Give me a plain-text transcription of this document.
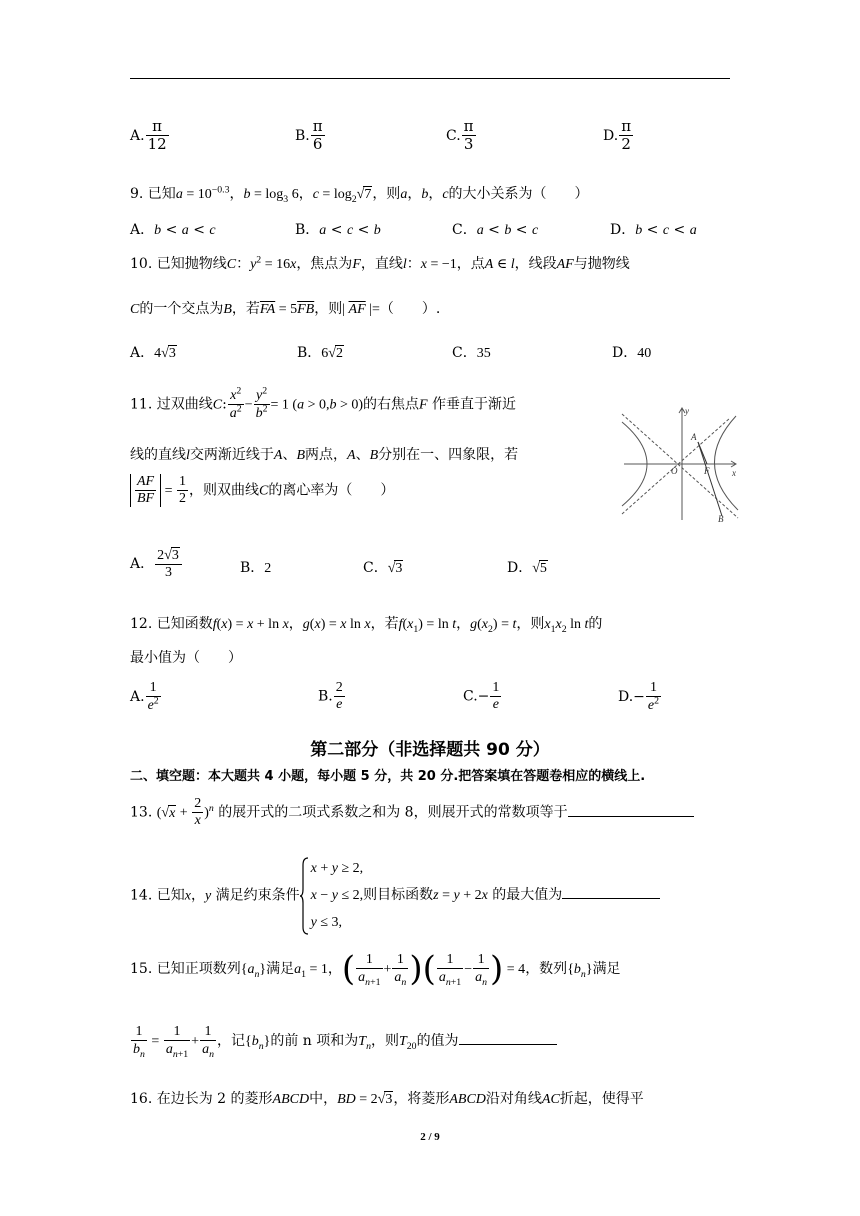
A. $\frac{\pi}{12}$	B. $\frac{\pi}{6}$	C. $\frac{\pi}{3}$	D. $\frac{\pi}{2}$
9. 已知$a = 10^{-0.3}$，$b = \log_3 6$，$c = \log_2√7$，则a，b，c的大小关系为（　　）
A．b < a < c	B．a < c < b	C．a < b < c	D．b < c < a
10. 已知抛物线C：$y^2 = 16x$，焦点为F，直线l：x = −1，点A ∈ l，线段AF与抛物线
C的一个交点为B，若$\overline{FA} = 5\overline{FB}$，则| $\overline{AF}$ |=（　　）.
A．4√3	B．6√2	C．35	D．40
11. 过双曲线C: $\frac{x^2}{a^2} - \frac{y^2}{b^2} = 1$ (a > 0,b > 0)的右焦点F 作垂直于渐近
线的直线l交两渐近线于A、B两点，A、B分别在一、四象限，若
$\frac{AF}{BF} = \frac{1}{2}$ ，则双曲线C的离心率为（　　）
y
x
A
O	F
B
A． $\frac{2√3}{3}$	B．2	C．√3	D．√5
12. 已知函数f(x) = x + ln x，g(x) = x ln x，若$f(x_1) = \ln t$，$g(x_2) = t$，则$x_1x_2$ ln t的
最小值为（　　）
A. $\frac{1}{e^2}$	B. $\frac{2}{e}$	$C.- \frac{1}{e}$	$D.- \frac{1}{e^2}$
第二部分（非选择题共 90 分）
二、填空题：本大题共 4 小题，每小题 5 分，共 20 分.把答案填在答题卷相应的横线上.
13. $(√x + \frac{2}{x} )^n$ 的展开式的二项式系数之和为 8，则展开式的常数项等于
14. 已知x，y 满足约束条件
x + y ≥ 2,
x − y ≤ 2,则目标函数z = y + 2x 的最大值为
y ≤ 3,
15. 已知正项数列$\{a_n\}$满足$a_1 = 1$，( $\frac{1}{a_{n+1}} + \frac{1}{a_n}$ )( $\frac{1}{a_{n+1}} - \frac{1}{a_n}$ ) = 4，数列$\{b_n\}$满足
$\frac{1}{b_n} = \frac{1}{a_{n+1}} + \frac{1}{a_n}$ ，记$\{b_n\}$的前 n 项和为$T_n$，则$T_{20}$的值为
16. 在边长为 2 的菱形ABCD中，BD = 2√3，将菱形ABCD沿对角线AC折起，使得平
2 / 9
